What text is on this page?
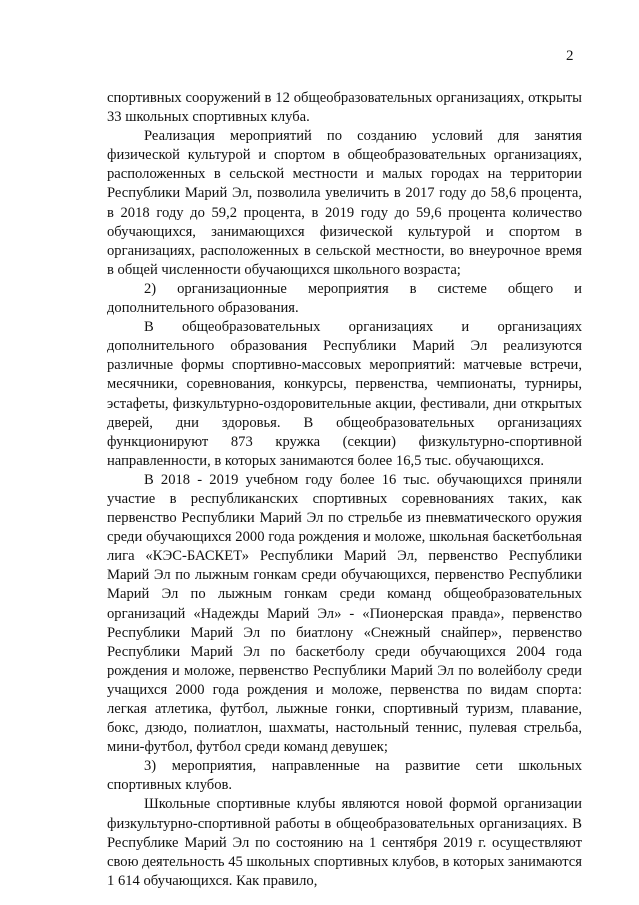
2

спортивных сооружений в 12 общеобразовательных организациях, открыты 33 школьных спортивных клуба.

Реализация мероприятий по созданию условий для занятия физической культурой и спортом в общеобразовательных организациях, расположенных в сельской местности и малых городах на территории Республики Марий Эл, позволила увеличить в 2017 году до 58,6 процента, в 2018 году до 59,2 процента, в 2019 году до 59,6 процента количество обучающихся, занимающихся физической культурой и спортом в организациях, расположенных в сельской местности, во внеурочное время в общей численности обучающихся школьного возраста;

2) организационные мероприятия в системе общего и дополнительного образования.

В общеобразовательных организациях и организациях дополнительного образования Республики Марий Эл реализуются различные формы спортивно-массовых мероприятий: матчевые встречи, месячники, соревнования, конкурсы, первенства, чемпионаты, турниры, эстафеты, физкультурно-оздоровительные акции, фестивали, дни открытых дверей, дни здоровья. В общеобразовательных организациях функционируют 873 кружка (секции) физкультурно-спортивной направленности, в которых занимаются более 16,5 тыс. обучающихся.

В 2018 - 2019 учебном году более 16 тыс. обучающихся приняли участие в республиканских спортивных соревнованиях таких, как первенство Республики Марий Эл по стрельбе из пневматического оружия среди обучающихся 2000 года рождения и моложе, школьная баскетбольная лига «КЭС-БАСКЕТ» Республики Марий Эл, первенство Республики Марий Эл по лыжным гонкам среди обучающихся, первенство Республики Марий Эл по лыжным гонкам среди команд общеобразовательных организаций «Надежды Марий Эл» - «Пионерская правда», первенство Республики Марий Эл по биатлону «Снежный снайпер», первенство Республики Марий Эл по баскетболу среди обучающихся 2004 года рождения и моложе, первенство Республики Марий Эл по волейболу среди учащихся 2000 года рождения и моложе, первенства по видам спорта: легкая атлетика, футбол, лыжные гонки, спортивный туризм, плавание, бокс, дзюдо, полиатлон, шахматы, настольный теннис, пулевая стрельба, мини-футбол, футбол среди команд девушек;

3) мероприятия, направленные на развитие сети школьных спортивных клубов.

Школьные спортивные клубы являются новой формой организации физкультурно-спортивной работы в общеобразовательных организациях. В Республике Марий Эл по состоянию на 1 сентября 2019 г. осуществляют свою деятельность 45 школьных спортивных клубов, в которых занимаются 1 614 обучающихся. Как правило,
